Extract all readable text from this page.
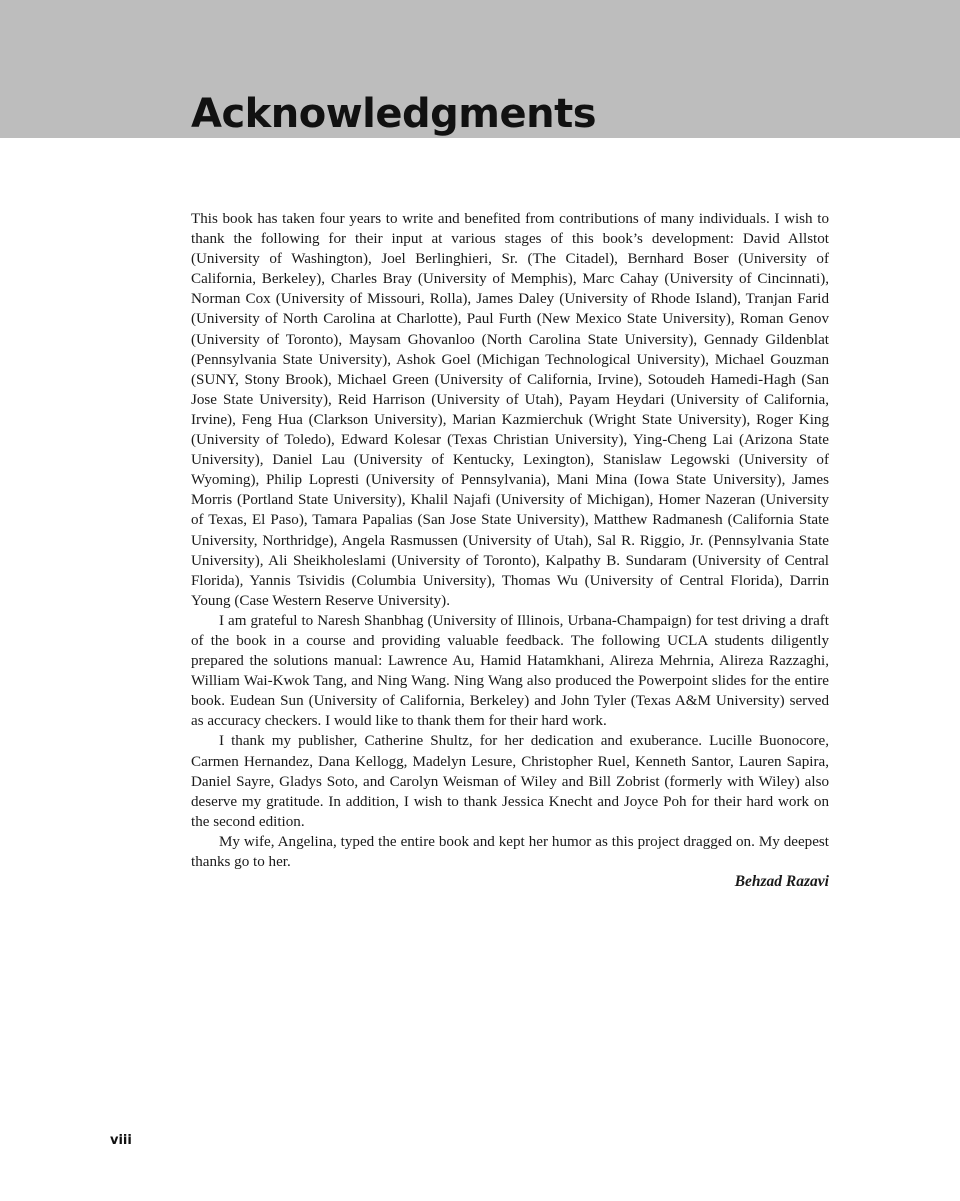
Acknowledgments

This book has taken four years to write and benefited from contributions of many individuals. I wish to thank the following for their input at various stages of this book’s development: David Allstot (University of Washington), Joel Berlinghieri, Sr. (The Citadel), Bernhard Boser (University of California, Berkeley), Charles Bray (University of Memphis), Marc Cahay (University of Cincinnati), Norman Cox (University of Missouri, Rolla), James Daley (University of Rhode Island), Tranjan Farid (University of North Carolina at Charlotte), Paul Furth (New Mexico State University), Roman Genov (University of Toronto), Maysam Ghovanloo (North Carolina State University), Gennady Gildenblat (Pennsylvania State University), Ashok Goel (Michigan Technological University), Michael Gouzman (SUNY, Stony Brook), Michael Green (University of California, Irvine), Sotoudeh Hamedi-Hagh (San Jose State University), Reid Harrison (University of Utah), Payam Heydari (University of California, Irvine), Feng Hua (Clarkson University), Marian Kazmierchuk (Wright State University), Roger King (University of Toledo), Edward Kolesar (Texas Christian University), Ying-Cheng Lai (Arizona State University), Daniel Lau (University of Kentucky, Lexington), Stanislaw Legowski (University of Wyoming), Philip Lopresti (University of Pennsylvania), Mani Mina (Iowa State University), James Morris (Portland State University), Khalil Najafi (University of Michigan), Homer Nazeran (University of Texas, El Paso), Tamara Papalias (San Jose State University), Matthew Radmanesh (California State University, Northridge), Angela Rasmussen (University of Utah), Sal R. Riggio, Jr. (Pennsylvania State University), Ali Sheikholeslami (University of Toronto), Kalpathy B. Sundaram (University of Central Florida), Yannis Tsividis (Columbia University), Thomas Wu (University of Central Florida), Darrin Young (Case Western Reserve University).

I am grateful to Naresh Shanbhag (University of Illinois, Urbana-Champaign) for test driving a draft of the book in a course and providing valuable feedback. The following UCLA students diligently prepared the solutions manual: Lawrence Au, Hamid Hatamkhani, Alireza Mehrnia, Alireza Razzaghi, William Wai-Kwok Tang, and Ning Wang. Ning Wang also produced the Powerpoint slides for the entire book. Eudean Sun (University of California, Berkeley) and John Tyler (Texas A&M University) served as accuracy checkers. I would like to thank them for their hard work.

I thank my publisher, Catherine Shultz, for her dedication and exuberance. Lucille Buonocore, Carmen Hernandez, Dana Kellogg, Madelyn Lesure, Christopher Ruel, Kenneth Santor, Lauren Sapira, Daniel Sayre, Gladys Soto, and Carolyn Weisman of Wiley and Bill Zobrist (formerly with Wiley) also deserve my gratitude. In addition, I wish to thank Jessica Knecht and Joyce Poh for their hard work on the second edition.

My wife, Angelina, typed the entire book and kept her humor as this project dragged on. My deepest thanks go to her.

Behzad Razavi

viii
